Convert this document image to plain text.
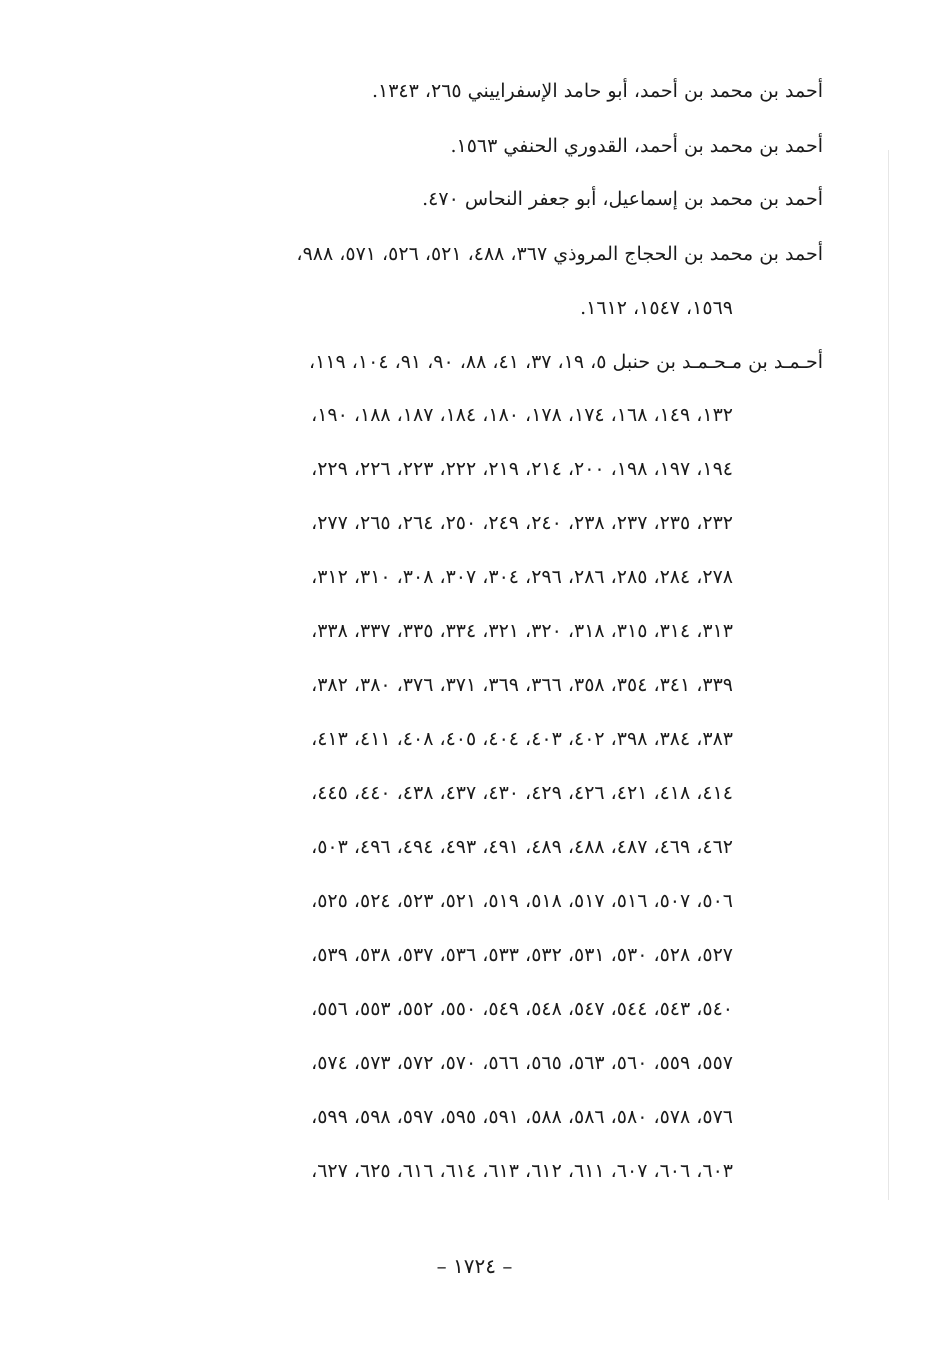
أحمد بن محمد بن أحمد، أبو حامد الإسفراييني ٢٦٥، ١٣٤٣.
أحمد بن محمد بن أحمد، القدوري الحنفي ١٥٦٣.
أحمد بن محمد بن إسماعيل، أبو جعفر النحاس ٤٧٠.
أحمد بن محمد بن الحجاج المروذي ٣٦٧، ٤٨٨، ٥٢١، ٥٢٦، ٥٧١، ٩٨٨،
١٥٦٩، ١٥٤٧، ١٦١٢.
أحـمـد بن مـحـمـد بن حنبل ٥، ١٩، ٣٧، ٤١، ٨٨، ٩٠، ٩١، ١٠٤، ١١٩،
١٣٢، ١٤٩، ١٦٨، ١٧٤، ١٧٨، ١٨٠، ١٨٤، ١٨٧، ١٨٨، ١٩٠،
١٩٤، ١٩٧، ١٩٨، ٢٠٠، ٢١٤، ٢١٩، ٢٢٢، ٢٢٣، ٢٢٦، ٢٢٩،
٢٣٢، ٢٣٥، ٢٣٧، ٢٣٨، ٢٤٠، ٢٤٩، ٢٥٠، ٢٦٤، ٢٦٥، ٢٧٧،
٢٧٨، ٢٨٤، ٢٨٥، ٢٨٦، ٢٩٦، ٣٠٤، ٣٠٧، ٣٠٨، ٣١٠، ٣١٢،
٣١٣، ٣١٤، ٣١٥، ٣١٨، ٣٢٠، ٣٢١، ٣٣٤، ٣٣٥، ٣٣٧، ٣٣٨،
٣٣٩، ٣٤١، ٣٥٤، ٣٥٨، ٣٦٦، ٣٦٩، ٣٧١، ٣٧٦، ٣٨٠، ٣٨٢،
٣٨٣، ٣٨٤، ٣٩٨، ٤٠٢، ٤٠٣، ٤٠٤، ٤٠٥، ٤٠٨، ٤١١، ٤١٣،
٤١٤، ٤١٨، ٤٢١، ٤٢٦، ٤٢٩، ٤٣٠، ٤٣٧، ٤٣٨، ٤٤٠، ٤٤٥،
٤٦٢، ٤٦٩، ٤٨٧، ٤٨٨، ٤٨٩، ٤٩١، ٤٩٣، ٤٩٤، ٤٩٦، ٥٠٣،
٥٠٦، ٥٠٧، ٥١٦، ٥١٧، ٥١٨، ٥١٩، ٥٢١، ٥٢٣، ٥٢٤، ٥٢٥،
٥٢٧، ٥٢٨، ٥٣٠، ٥٣١، ٥٣٢، ٥٣٣، ٥٣٦، ٥٣٧، ٥٣٨، ٥٣٩،
٥٤٠، ٥٤٣، ٥٤٤، ٥٤٧، ٥٤٨، ٥٤٩، ٥٥٠، ٥٥٢، ٥٥٣، ٥٥٦،
٥٥٧، ٥٥٩، ٥٦٠، ٥٦٣، ٥٦٥، ٥٦٦، ٥٧٠، ٥٧٢، ٥٧٣، ٥٧٤،
٥٧٦، ٥٧٨، ٥٨٠، ٥٨٦، ٥٨٨، ٥٩١، ٥٩٥، ٥٩٧، ٥٩٨، ٥٩٩،
٦٠٣، ٦٠٦، ٦٠٧، ٦١١، ٦١٢، ٦١٣، ٦١٤، ٦١٦، ٦٢٥، ٦٢٧،
– ١٧٢٤ –
